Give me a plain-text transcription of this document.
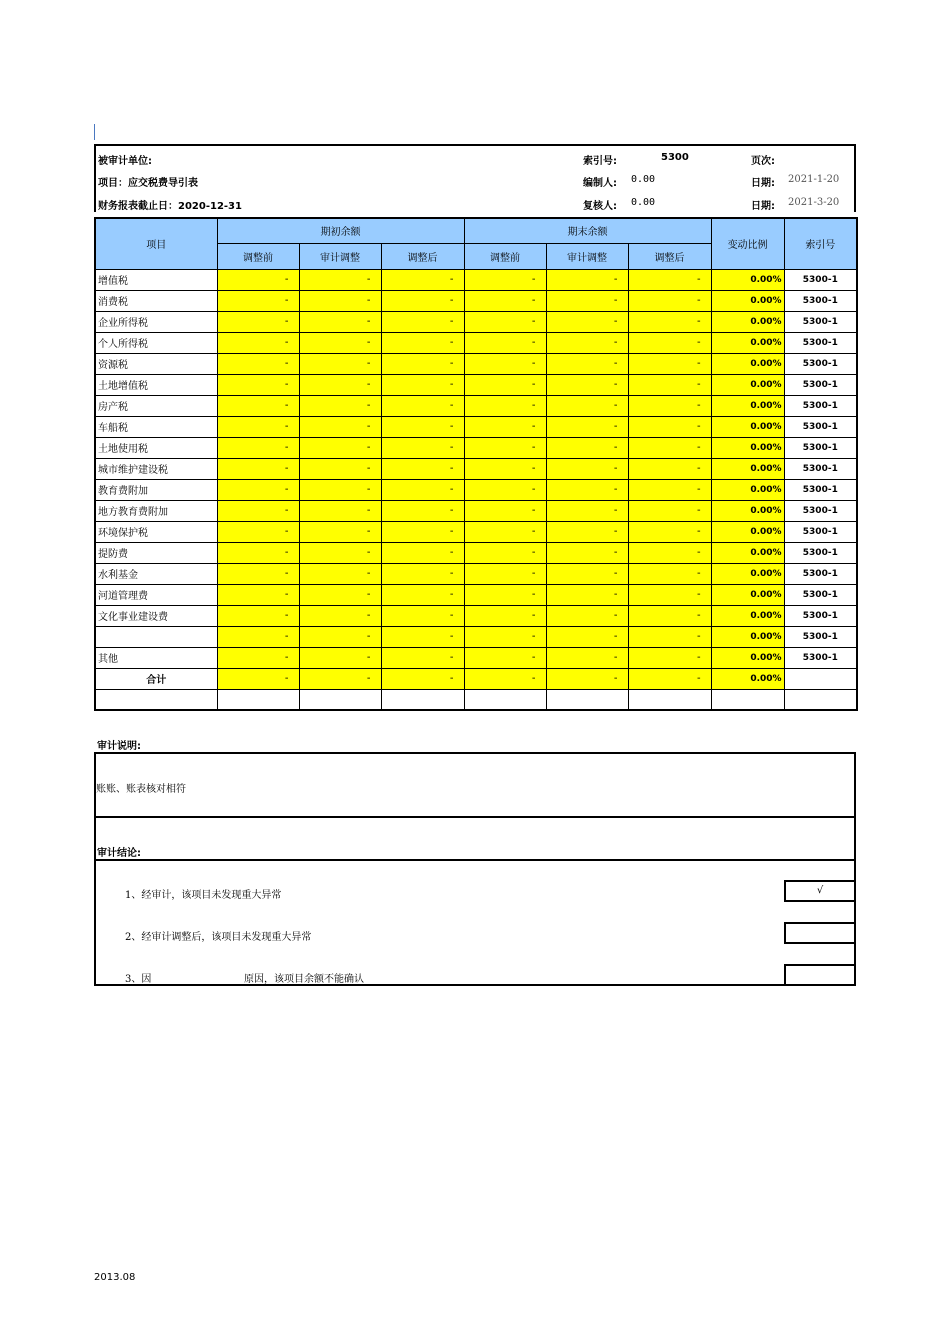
被审计单位:
项目：应交税费导引表
财务报表截止日：2020-12-31
索引号:	5300
编制人: 0.00
复核人: 0.00
页次:
日期: 2021-1-20
日期: 2021-3-20
项目	期初余额			期末余额			变动比例	索引号
	调整前	审计调整	调整后	调整前	审计调整	调整后		
增值税	-	-	-	-	-	-	0.00%	5300-1
消费税	-	-	-	-	-	-	0.00%	5300-1
企业所得税	-	-	-	-	-	-	0.00%	5300-1
个人所得税	-	-	-	-	-	-	0.00%	5300-1
资源税	-	-	-	-	-	-	0.00%	5300-1
土地增值税	-	-	-	-	-	-	0.00%	5300-1
房产税	-	-	-	-	-	-	0.00%	5300-1
车船税	-	-	-	-	-	-	0.00%	5300-1
土地使用税	-	-	-	-	-	-	0.00%	5300-1
城市维护建设税	-	-	-	-	-	-	0.00%	5300-1
教育费附加	-	-	-	-	-	-	0.00%	5300-1
地方教育费附加	-	-	-	-	-	-	0.00%	5300-1
环境保护税	-	-	-	-	-	-	0.00%	5300-1
提防费	-	-	-	-	-	-	0.00%	5300-1
水利基金	-	-	-	-	-	-	0.00%	5300-1
河道管理费	-	-	-	-	-	-	0.00%	5300-1
文化事业建设费	-	-	-	-	-	-	0.00%	5300-1
	-	-	-	-	-	-	0.00%	5300-1
其他	-	-	-	-	-	-	0.00%	5300-1
合计	-	-	-	-	-	-	0.00%	

审计说明:
账账、账表核对相符
审计结论:
1、经审计，该项目未发现重大异常	√
2、经审计调整后，该项目未发现重大异常
3、因	原因，该项目余额不能确认
2013.08
